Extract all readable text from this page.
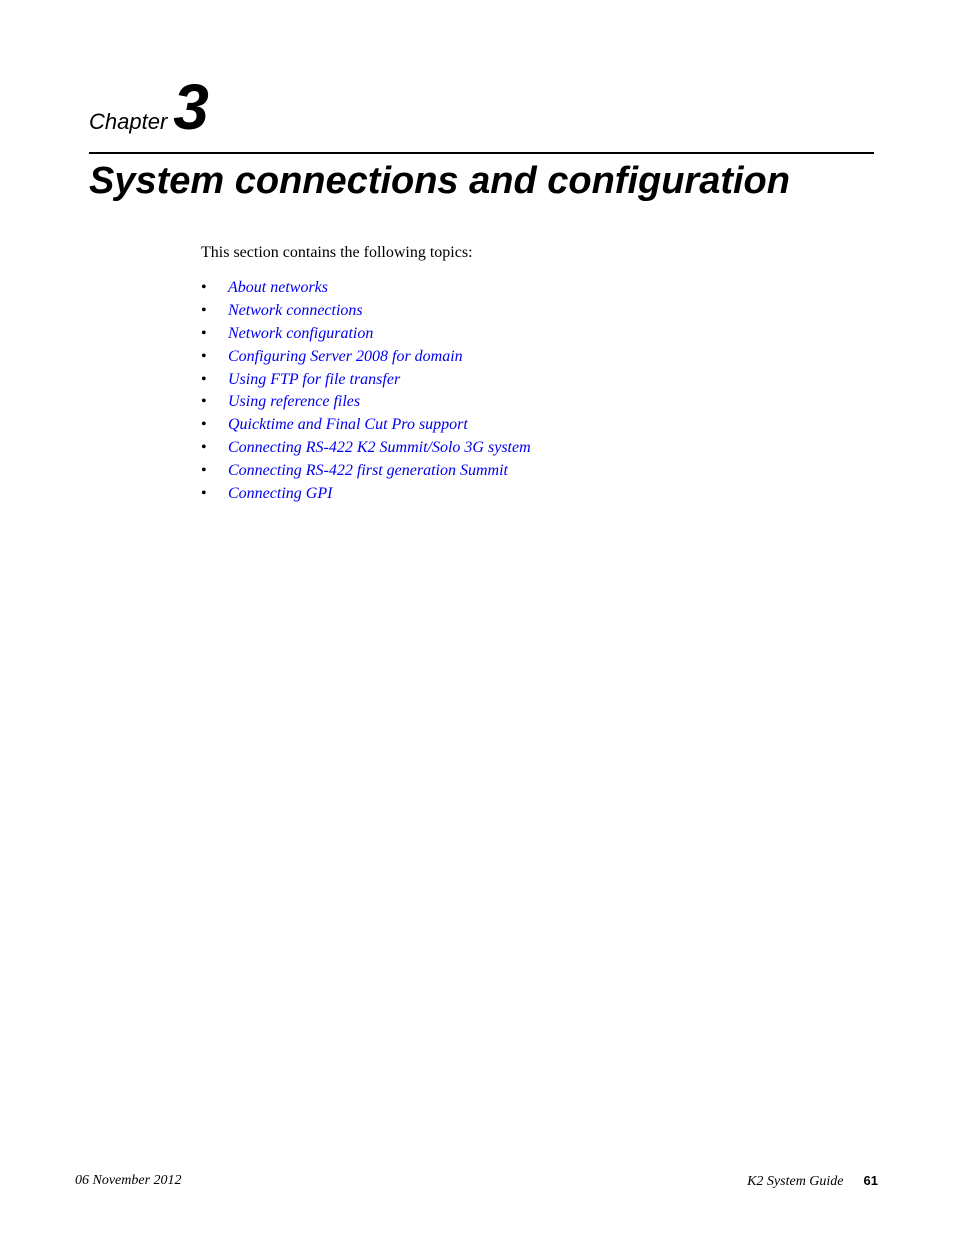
Chapter 3
System connections and configuration

This section contains the following topics:

•	About networks
•	Network connections
•	Network configuration
•	Configuring Server 2008 for domain
•	Using FTP for file transfer
•	Using reference files
•	Quicktime and Final Cut Pro support
•	Connecting RS-422 K2 Summit/Solo 3G system
•	Connecting RS-422 first generation Summit
•	Connecting GPI
06 November 2012	K2 System Guide 61
